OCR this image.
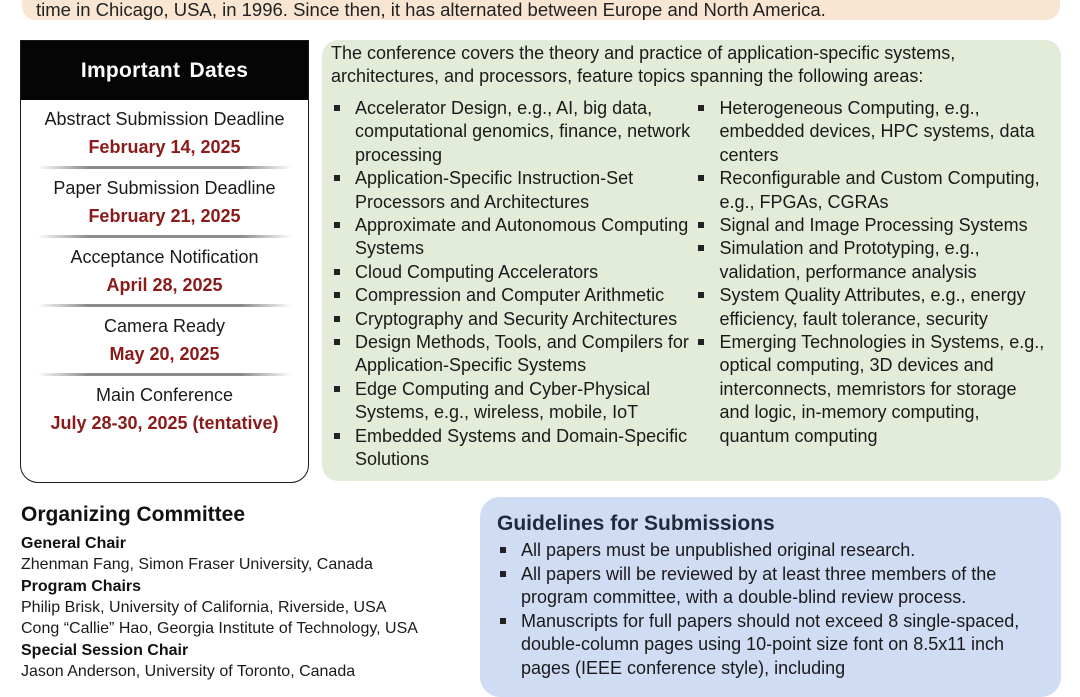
time in Chicago, USA, in 1996. Since then, it has alternated between Europe and North America.
Important Dates
Abstract Submission Deadline
February 14, 2025
Paper Submission Deadline
February 21, 2025
Acceptance Notification
April 28, 2025
Camera Ready
May 20, 2025
Main Conference
July 28-30, 2025 (tentative)
The conference covers the theory and practice of application-specific systems, architectures, and processors, feature topics spanning the following areas:
Accelerator Design, e.g., AI, big data, computational genomics, finance, network processing
Application-Specific Instruction-Set Processors and Architectures
Approximate and Autonomous Computing Systems
Cloud Computing Accelerators
Compression and Computer Arithmetic
Cryptography and Security Architectures
Design Methods, Tools, and Compilers for Application-Specific Systems
Edge Computing and Cyber-Physical Systems, e.g., wireless, mobile, IoT
Embedded Systems and Domain-Specific Solutions
Heterogeneous Computing, e.g., embedded devices, HPC systems, data centers
Reconfigurable and Custom Computing, e.g., FPGAs, CGRAs
Signal and Image Processing Systems
Simulation and Prototyping, e.g., validation, performance analysis
System Quality Attributes, e.g., energy efficiency, fault tolerance, security
Emerging Technologies in Systems, e.g., optical computing, 3D devices and interconnects, memristors for storage and logic, in-memory computing, quantum computing
Organizing Committee
General Chair
Zhenman Fang, Simon Fraser University, Canada
Program Chairs
Philip Brisk, University of California, Riverside, USA
Cong “Callie” Hao, Georgia Institute of Technology, USA
Special Session Chair
Jason Anderson, University of Toronto, Canada
Guidelines for Submissions
All papers must be unpublished original research.
All papers will be reviewed by at least three members of the program committee, with a double-blind review process.
Manuscripts for full papers should not exceed 8 single-spaced, double-column pages using 10-point size font on 8.5x11 inch pages (IEEE conference style), including
